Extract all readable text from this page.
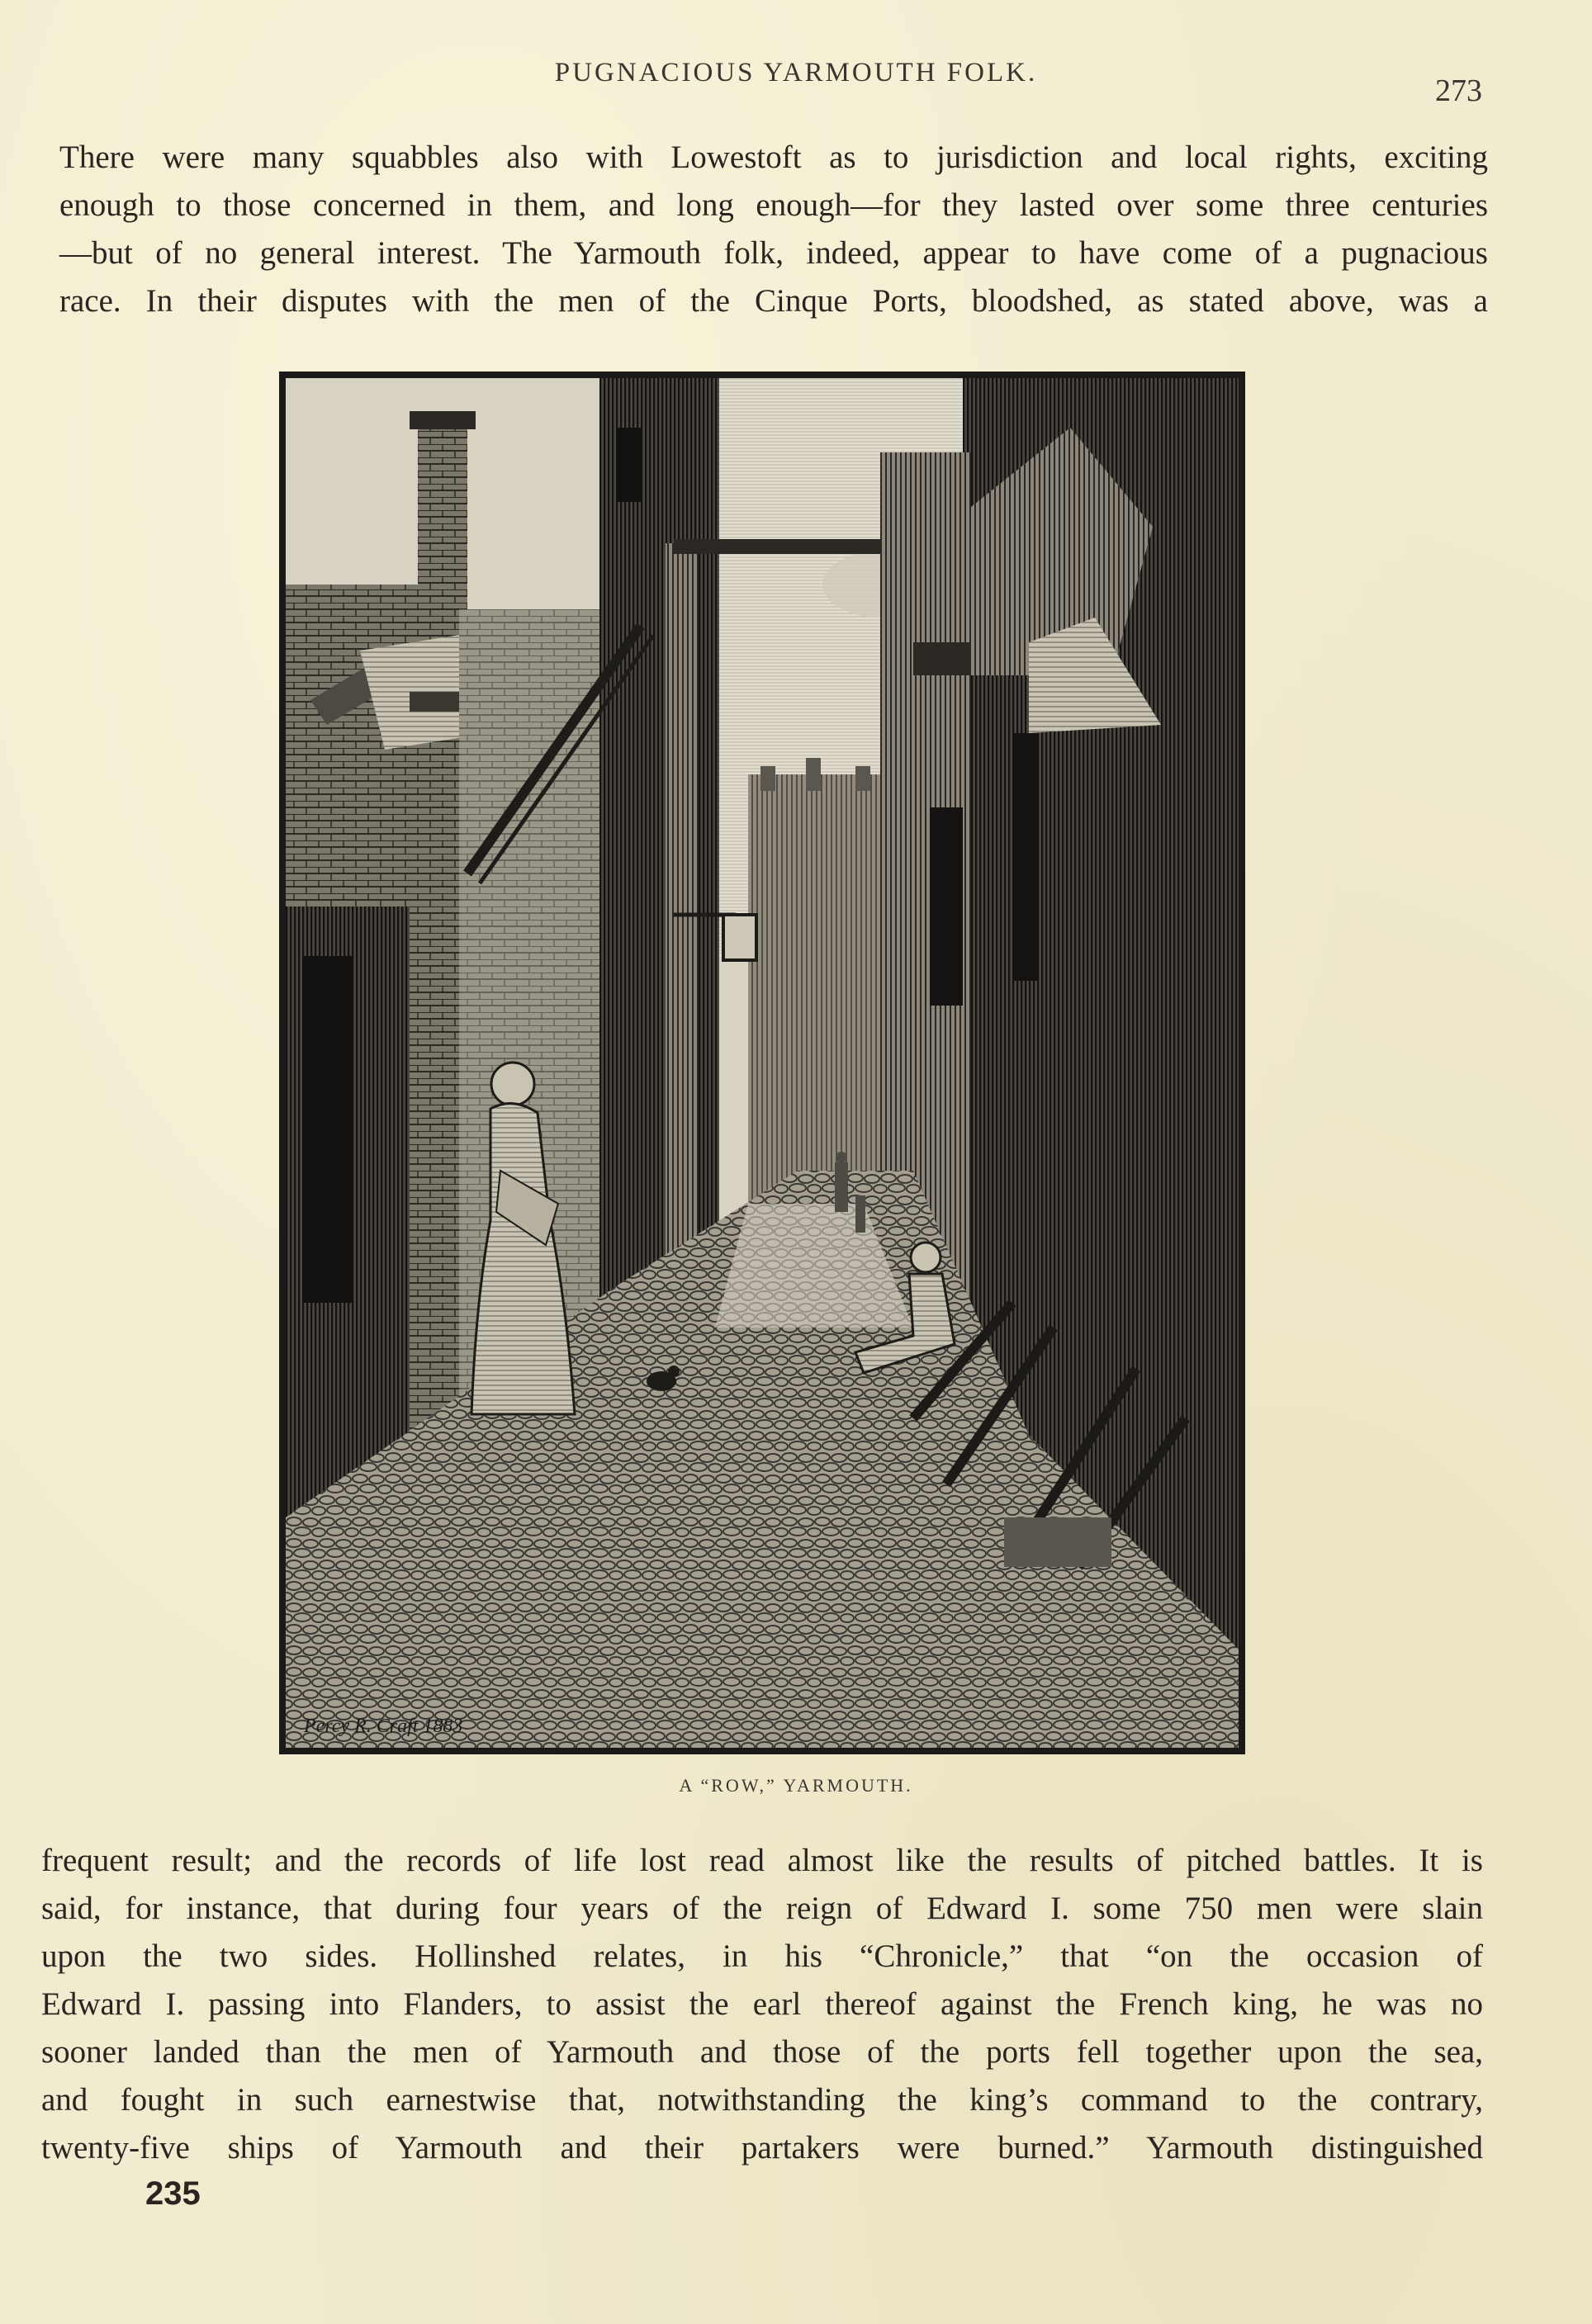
PUGNACIOUS YARMOUTH FOLK.
273
There were many squabbles also with Lowestoft as to jurisdiction and local rights, exciting
enough to those concerned in them, and long enough—for they lasted over some three centuries
—but of no general interest. The Yarmouth folk, indeed, appear to have come of a pugnacious
race. In their disputes with the men of the Cinque Ports, bloodshed, as stated above, was a
Percy R. Craft 1883
A “ROW,” YARMOUTH.
frequent result; and the records of life lost read almost like the results of pitched battles. It is
said, for instance, that during four years of the reign of Edward I. some 750 men were slain
upon the two sides. Hollinshed relates, in his “Chronicle,” that “on the occasion of
Edward I. passing into Flanders, to assist the earl thereof against the French king, he was no
sooner landed than the men of Yarmouth and those of the ports fell together upon the sea,
and fought in such earnestwise that, notwithstanding the king’s command to the contrary,
twenty-five ships of Yarmouth and their partakers were burned.” Yarmouth distinguished
235
